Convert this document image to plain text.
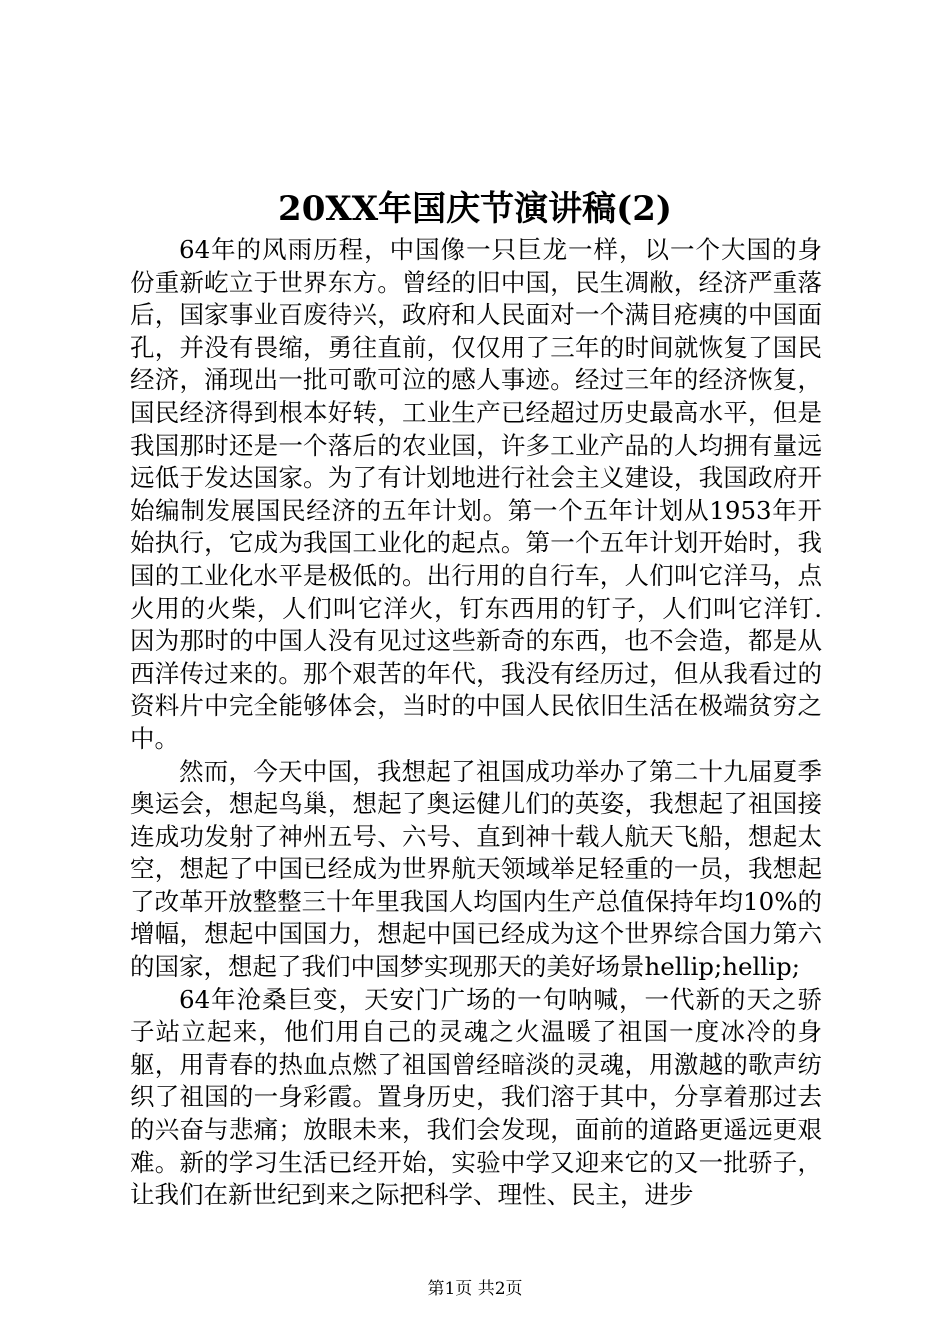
20XX年国庆节演讲稿(2)

64年的风雨历程，中国像一只巨龙一样，以一个大国的身份重新屹立于世界东方。曾经的旧中国，民生凋敝，经济严重落后，国家事业百废待兴，政府和人民面对一个满目疮痍的中国面孔，并没有畏缩，勇往直前，仅仅用了三年的时间就恢复了国民经济，涌现出一批可歌可泣的感人事迹。经过三年的经济恢复，国民经济得到根本好转，工业生产已经超过历史最高水平，但是我国那时还是一个落后的农业国，许多工业产品的人均拥有量远远低于发达国家。为了有计划地进行社会主义建设，我国政府开始编制发展国民经济的五年计划。第一个五年计划从1953年开始执行，它成为我国工业化的起点。第一个五年计划开始时，我国的工业化水平是极低的。出行用的自行车，人们叫它洋马，点火用的火柴，人们叫它洋火，钉东西用的钉子，人们叫它洋钉.因为那时的中国人没有见过这些新奇的东西，也不会造，都是从西洋传过来的。那个艰苦的年代，我没有经历过，但从我看过的资料片中完全能够体会，当时的中国人民依旧生活在极端贫穷之中。

然而，今天中国，我想起了祖国成功举办了第二十九届夏季奥运会，想起鸟巢，想起了奥运健儿们的英姿，我想起了祖国接连成功发射了神州五号、六号、直到神十载人航天飞船，想起太空，想起了中国已经成为世界航天领域举足轻重的一员，我想起了改革开放整整三十年里我国人均国内生产总值保持年均10%的增幅，想起中国国力，想起中国已经成为这个世界综合国力第六的国家，想起了我们中国梦实现那天的美好场景hellip;hellip;

64年沧桑巨变，天安门广场的一句呐喊，一代新的天之骄子站立起来，他们用自己的灵魂之火温暖了祖国一度冰冷的身躯，用青春的热血点燃了祖国曾经暗淡的灵魂，用激越的歌声纺织了祖国的一身彩霞。置身历史，我们溶于其中，分享着那过去的兴奋与悲痛；放眼未来，我们会发现，面前的道路更遥远更艰难。新的学习生活已经开始，实验中学又迎来它的又一批骄子，让我们在新世纪到来之际把科学、理性、民主，进步

第1页 共2页
